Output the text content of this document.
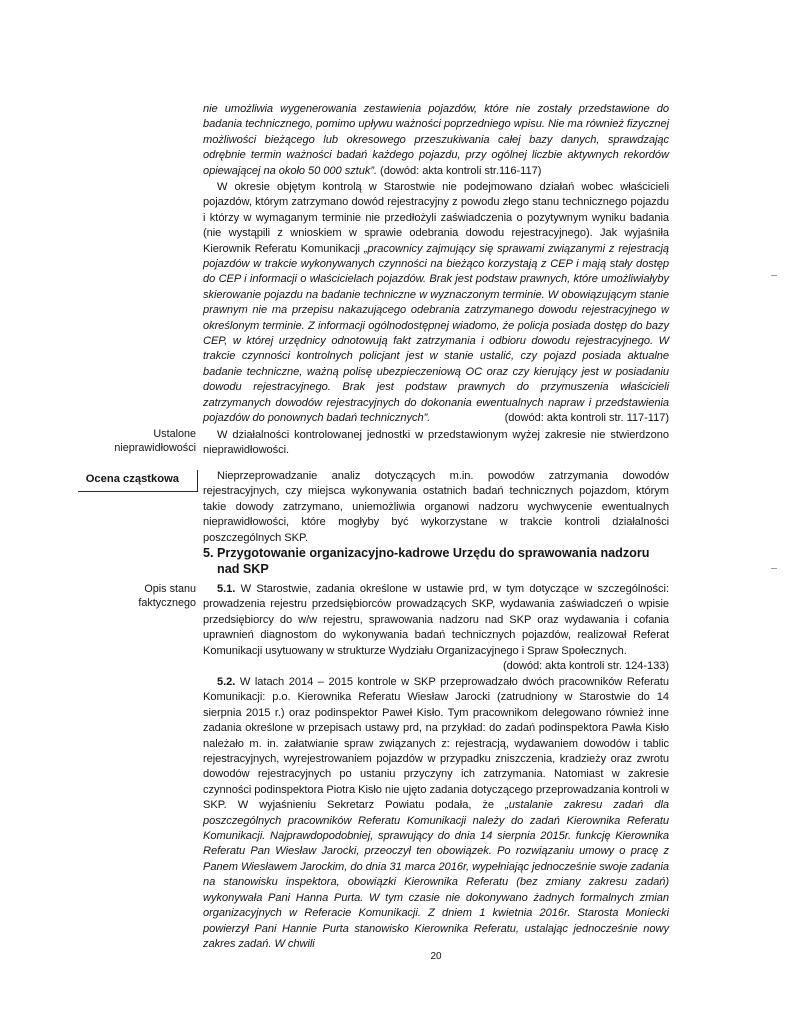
nie umożliwia wygenerowania zestawienia pojazdów, które nie zostały przedstawione do badania technicznego, pomimo upływu ważności poprzedniego wpisu. Nie ma również fizycznej możliwości bieżącego lub okresowego przeszukiwania całej bazy danych, sprawdzając odrębnie termin ważności badań każdego pojazdu, przy ogólnej liczbie aktywnych rekordów opiewającej na około 50 000 sztuk”. (dowód: akta kontroli str.116-117)

W okresie objętym kontrolą w Starostwie nie podejmowano działań wobec właścicieli pojazdów, którym zatrzymano dowód rejestracyjny z powodu złego stanu technicznego pojazdu i którzy w wymaganym terminie nie przedłożyli zaświadczenia o pozytywnym wyniku badania (nie wystąpili z wnioskiem w sprawie odebrania dowodu rejestracyjnego). Jak wyjaśniła Kierownik Referatu Komunikacji „pracownicy zajmujący się sprawami związanymi z rejestracją pojazdów w trakcie wykonywanych czynności na bieżąco korzystają z CEP i mają stały dostęp do CEP i informacji o właścicielach pojazdów. Brak jest podstaw prawnych, które umożliwiałyby skierowanie pojazdu na badanie techniczne w wyznaczonym terminie. W obowiązującym stanie prawnym nie ma przepisu nakazującego odebrania zatrzymanego dowodu rejestracyjnego w określonym terminie. Z informacji ogólnodostępnej wiadomo, że policja posiada dostęp do bazy CEP, w której urzędnicy odnotowują fakt zatrzymania i odbioru dowodu rejestracyjnego. W trakcie czynności kontrolnych policjant jest w stanie ustalić, czy pojazd posiada aktualne badanie techniczne, ważną polisę ubezpieczeniową OC oraz czy kierujący jest w posiadaniu dowodu rejestracyjnego. Brak jest podstaw prawnych do przymuszenia właścicieli zatrzymanych dowodów rejestracyjnych do dokonania ewentualnych napraw i przedstawienia pojazdów do ponownych badań technicznych”.	(dowód: akta kontroli str. 117-117)

Ustalone nieprawidłowości

W działalności kontrolowanej jednostki w przedstawionym wyżej zakresie nie stwierdzono nieprawidłowości.

Ocena cząstkowa	Nieprzeprowadzanie analiz dotyczących m.in. powodów zatrzymania dowodów rejestracyjnych, czy miejsca wykonywania ostatnich badań technicznych pojazdom, którym takie dowody zatrzymano, uniemożliwia organowi nadzoru wychwycenie ewentualnych nieprawidłowości, które mogłyby być wykorzystane w trakcie kontroli działalności poszczególnych SKP.

5. Przygotowanie organizacyjno-kadrowe Urzędu do sprawowania nadzoru
nad SKP
Opis stanu faktycznego

5.1. W Starostwie, zadania określone w ustawie prd, w tym dotyczące w szczególności: prowadzenia rejestru przedsiębiorców prowadzących SKP, wydawania zaświadczeń o wpisie przedsiębiorcy do w/w rejestru, sprawowania nadzoru nad SKP oraz wydawania i cofania uprawnień diagnostom do wykonywania badań technicznych pojazdów, realizował Referat Komunikacji usytuowany w strukturze Wydziału Organizacyjnego i Spraw Społecznych.
(dowód: akta kontroli str. 124-133)

5.2. W latach 2014 – 2015 kontrole w SKP przeprowadzało dwóch pracowników Referatu Komunikacji: p.o. Kierownika Referatu Wiesław Jarocki (zatrudniony w Starostwie do 14 sierpnia 2015 r.) oraz podinspektor Paweł Kisło. Tym pracownikom delegowano również inne zadania określone w przepisach ustawy prd, na przykład: do zadań podinspektora Pawła Kisło należało m. in. załatwianie spraw związanych z: rejestracją, wydawaniem dowodów i tablic rejestracyjnych, wyrejestrowaniem pojazdów w przypadku zniszczenia, kradzieży oraz zwrotu dowodów rejestracyjnych po ustaniu przyczyny ich zatrzymania. Natomiast w zakresie czynności podinspektora Piotra Kisło nie ujęto zadania dotyczącego przeprowadzania kontroli w SKP. W wyjaśnieniu Sekretarz Powiatu podała, że „ustalanie zakresu zadań dla poszczególnych pracowników Referatu Komunikacji należy do zadań Kierownika Referatu Komunikacji. Najprawdopodobniej, sprawujący do dnia 14 sierpnia 2015r. funkcję Kierownika Referatu Pan Wiesław Jarocki, przeoczył ten obowiązek. Po rozwiązaniu umowy o pracę z Panem Wiesławem Jarockim, do dnia 31 marca 2016r, wypełniając jednocześnie swoje zadania na stanowisku inspektora, obowiązki Kierownika Referatu (bez zmiany zakresu zadań) wykonywała Pani Hanna Purta. W tym czasie nie dokonywano żadnych formalnych zmian organizacyjnych w Referacie Komunikacji. Z dniem 1 kwietnia 2016r. Starosta Moniecki powierzył Pani Hannie Purta stanowisko Kierownika Referatu, ustalając jednocześnie nowy zakres zadań. W chwili

20
